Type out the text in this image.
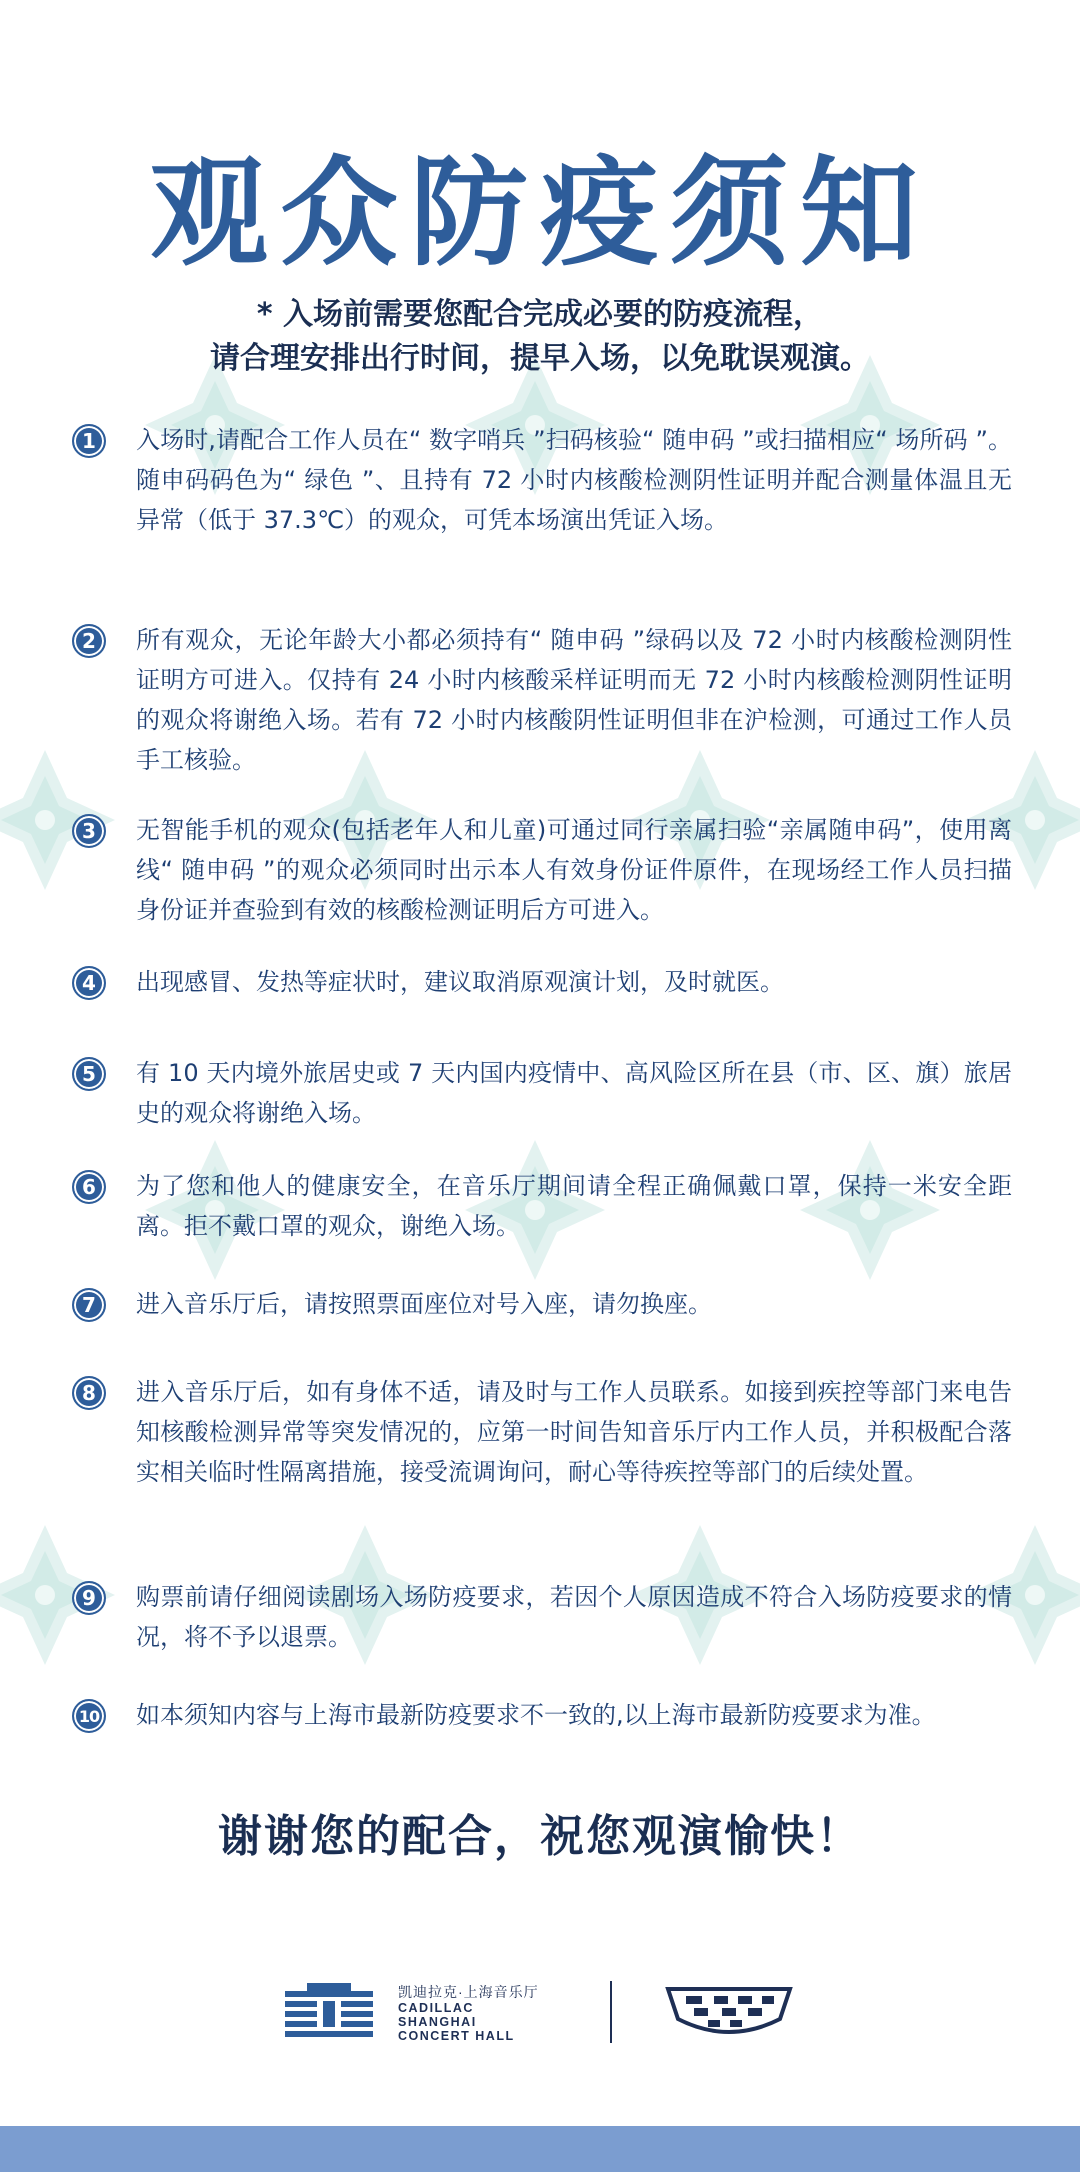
观众防疫须知
* 入场前需要您配合完成必要的防疫流程，
请合理安排出行时间，提早入场，以免耽误观演。
1	入场时,请配合工作人员在“ 数字哨兵 ”扫码核验“ 随申码 ”或扫描相应“ 场所码 ”。随申码码色为“ 绿色 ”、且持有 72 小时内核酸检测阴性证明并配合测量体温且无异常（低于 37.3℃）的观众，可凭本场演出凭证入场。
2	所有观众，无论年龄大小都必须持有“ 随申码 ”绿码以及 72 小时内核酸检测阴性证明方可进入。仅持有 24 小时内核酸采样证明而无 72 小时内核酸检测阴性证明的观众将谢绝入场。若有 72 小时内核酸阴性证明但非在沪检测，可通过工作人员手工核验。
3	无智能手机的观众(包括老年人和儿童)可通过同行亲属扫验“亲属随申码”，使用离线“ 随申码 ”的观众必须同时出示本人有效身份证件原件，在现场经工作人员扫描身份证并查验到有效的核酸检测证明后方可进入。
4	出现感冒、发热等症状时，建议取消原观演计划，及时就医。
5	有 10 天内境外旅居史或 7 天内国内疫情中、高风险区所在县（市、区、旗）旅居史的观众将谢绝入场。
6	为了您和他人的健康安全，在音乐厅期间请全程正确佩戴口罩，保持一米安全距离。拒不戴口罩的观众，谢绝入场。
7	进入音乐厅后，请按照票面座位对号入座，请勿换座。
8	进入音乐厅后，如有身体不适，请及时与工作人员联系。如接到疾控等部门来电告知核酸检测异常等突发情况的，应第一时间告知音乐厅内工作人员，并积极配合落实相关临时性隔离措施，接受流调询问，耐心等待疾控等部门的后续处置。
9	购票前请仔细阅读剧场入场防疫要求，若因个人原因造成不符合入场防疫要求的情况，将不予以退票。
10 如本须知内容与上海市最新防疫要求不一致的,以上海市最新防疫要求为准。
谢谢您的配合，祝您观演愉快！
凯迪拉克·上海音乐厅
CADILLAC
SHANGHAI
CONCERT HALL
